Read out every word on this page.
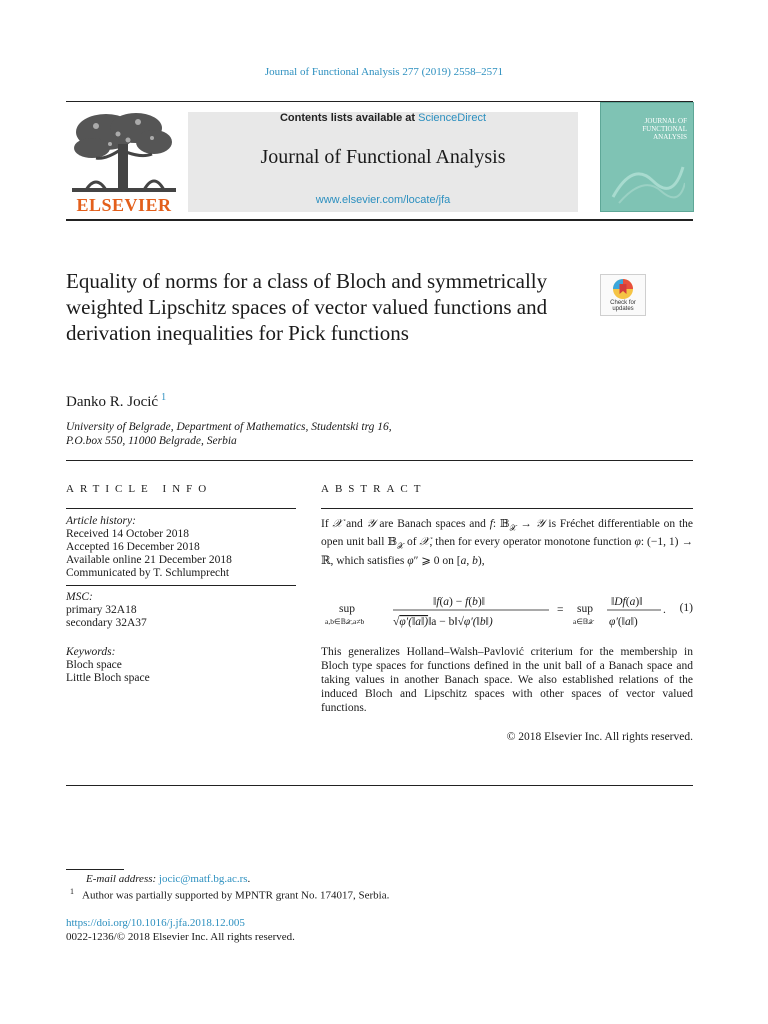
Journal of Functional Analysis 277 (2019) 2558–2571
ELSEVIER
Contents lists available at ScienceDirect
Journal of Functional Analysis
www.elsevier.com/locate/jfa
JOURNAL OF FUNCTIONAL ANALYSIS
Equality of norms for a class of Bloch and symmetrically weighted Lipschitz spaces of vector valued functions and derivation inequalities for Pick functions
Check for updates
Danko R. Jocić $^1$
University of Belgrade, Department of Mathematics, Studentski trg 16,
P.O.box 550, 11000 Belgrade, Serbia
ARTICLE INFO
Article history:
Received 14 October 2018
Accepted 16 December 2018
Available online 21 December 2018
Communicated by T. Schlumprecht
MSC:
primary 32A18
secondary 32A37
Keywords:
Bloch space
Little Bloch space
ABSTRACT
If 𝒳 and 𝒴 are Banach spaces and f: 𝔹$_𝒳$ → 𝒴 is Fréchet differentiable on the open unit ball 𝔹$_𝒳$ of 𝒳, then for every operator monotone function φ: (−1, 1) → ℝ, which satisfies φ″ ⩾ 0 on [a, b),
sup
a,b∈𝔹𝒳,a≠b
‖f(a) − f(b)‖
√φ′(‖a‖)‖a − b‖√φ′(‖b‖)
= sup
a∈𝔹𝒳
‖Df(a)‖
φ′(‖a‖)
. (1)
This generalizes Holland–Walsh–Pavlović criterium for the membership in Bloch type spaces for functions defined in the unit ball of a Banach space and taking values in another Banach space. We also established relations of the induced Bloch and Lipschitz spaces with other spaces of vector valued functions.
© 2018 Elsevier Inc. All rights reserved.
E-mail address: jocic@matf.bg.ac.rs.
$^1$ Author was partially supported by MPNTR grant No. 174017, Serbia.
https://doi.org/10.1016/j.jfa.2018.12.005
0022-1236/© 2018 Elsevier Inc. All rights reserved.
